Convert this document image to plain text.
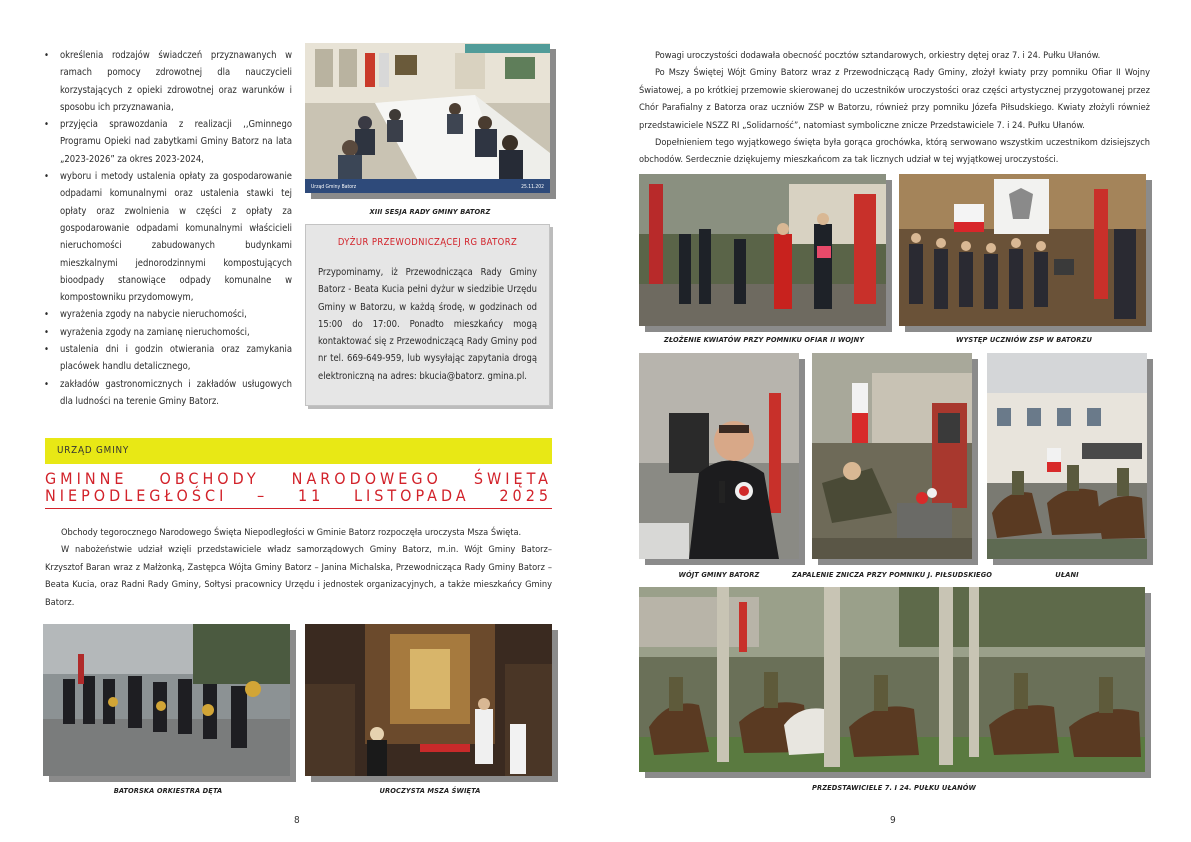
• określenia rodzajów świadczeń przyznawanych w ramach pomocy zdrowotnej dla nauczycieli korzystających z opieki zdrowotnej oraz warunków i sposobu ich przyznawania,
• przyjęcia sprawozdania z realizacji ,,Gminnego Programu Opieki nad zabytkami Gminy Batorz na lata „2023-2026” za okres 2023-2024,
• wyboru i metody ustalenia opłaty za gospodarowanie odpadami komunalnymi oraz ustalenia stawki tej opłaty oraz zwolnienia w części z opłaty za gospodarowanie odpadami komunalnymi właścicieli nieruchomości zabudowanych budynkami mieszkalnymi jednorodzinnymi kompostujących bioodpady stanowiące odpady komunalne w kompostowniku przydomowym,
• wyrażenia zgody na nabycie nieruchomości,
• wyrażenia zgody na zamianę nieruchomości,
• ustalenia dni i godzin otwierania oraz zamykania placówek handlu detalicznego,
• zakładów gastronomicznych i zakładów usługowych dla ludności na terenie Gminy Batorz.
Urząd Gminy Batorz	25.11.202
XIII SESJA RADY GMINY BATORZ
DYŻUR PRZEWODNICZĄCEJ RG BATORZ

Przypominamy, iż Przewodnicząca Rady Gminy Batorz - Beata Kucia pełni dyżur w siedzibie Urzędu Gminy w Batorzu, w każdą środę, w godzinach od 15:00 do 17:00. Ponadto mieszkańcy mogą kontaktować się z Przewodniczącą Rady Gminy pod nr tel. 669-649-959, lub wysyłając zapytania drogą elektroniczną na adres: bkucia@batorz. gmina.pl.

URZĄD GMINY
GMINNE OBCHODY NARODOWEGO ŚWIĘTA NIEPODLEGŁOŚCI – 11 LISTOPADA 2025

Obchody tegorocznego Narodowego Święta Niepodległości w Gminie Batorz rozpoczęła uroczysta Msza Święta.

W nabożeństwie udział wzięli przedstawiciele władz samorządowych Gminy Batorz, m.in. Wójt Gminy Batorz– Krzysztof Baran wraz z Małżonką, Zastępca Wójta Gminy Batorz – Janina Michalska, Przewodnicząca Rady Gminy Batorz – Beata Kucia, oraz Radni Rady Gminy, Sołtysi pracownicy Urzędu i jednostek organizacyjnych, a także mieszkańcy Gminy Batorz.

BATORSKA ORKIESTRA DĘTA	UROCZYSTA MSZA ŚWIĘTA
8

Powagi uroczystości dodawała obecność pocztów sztandarowych, orkiestry dętej oraz 7. i 24. Pułku Ułanów.

Po Mszy Świętej Wójt Gminy Batorz wraz z Przewodniczącą Rady Gminy, złożył kwiaty przy pomniku Ofiar II Wojny Światowej, a po krótkiej przemowie skierowanej do uczestników uroczystości oraz części artystycznej przygotowanej przez Chór Parafialny z Batorza oraz uczniów ZSP w Batorzu, również przy pomniku Józefa Piłsudskiego. Kwiaty złożyli również przedstawiciele NSZZ RI „Solidarność”, natomiast symboliczne znicze Przedstawiciele 7. i 24. Pułku Ułanów.

Dopełnieniem tego wyjątkowego święta była gorąca grochówka, którą serwowano wszystkim uczestnikom dzisiejszych obchodów. Serdecznie dziękujemy mieszkańcom za tak licznych udział w tej wyjątkowej uroczystości.

ZŁOŻENIE KWIATÓW PRZY POMNIKU OFIAR II WOJNY	WYSTĘP UCZNIÓW ZSP W BATORZU
WÓJT GMINY BATORZ	ZAPALENIE ZNICZA PRZY POMNIKU J. PIŁSUDSKIEGO	UŁANI
PRZEDSTAWICIELE 7. I 24. PUŁKU UŁANÓW
9
